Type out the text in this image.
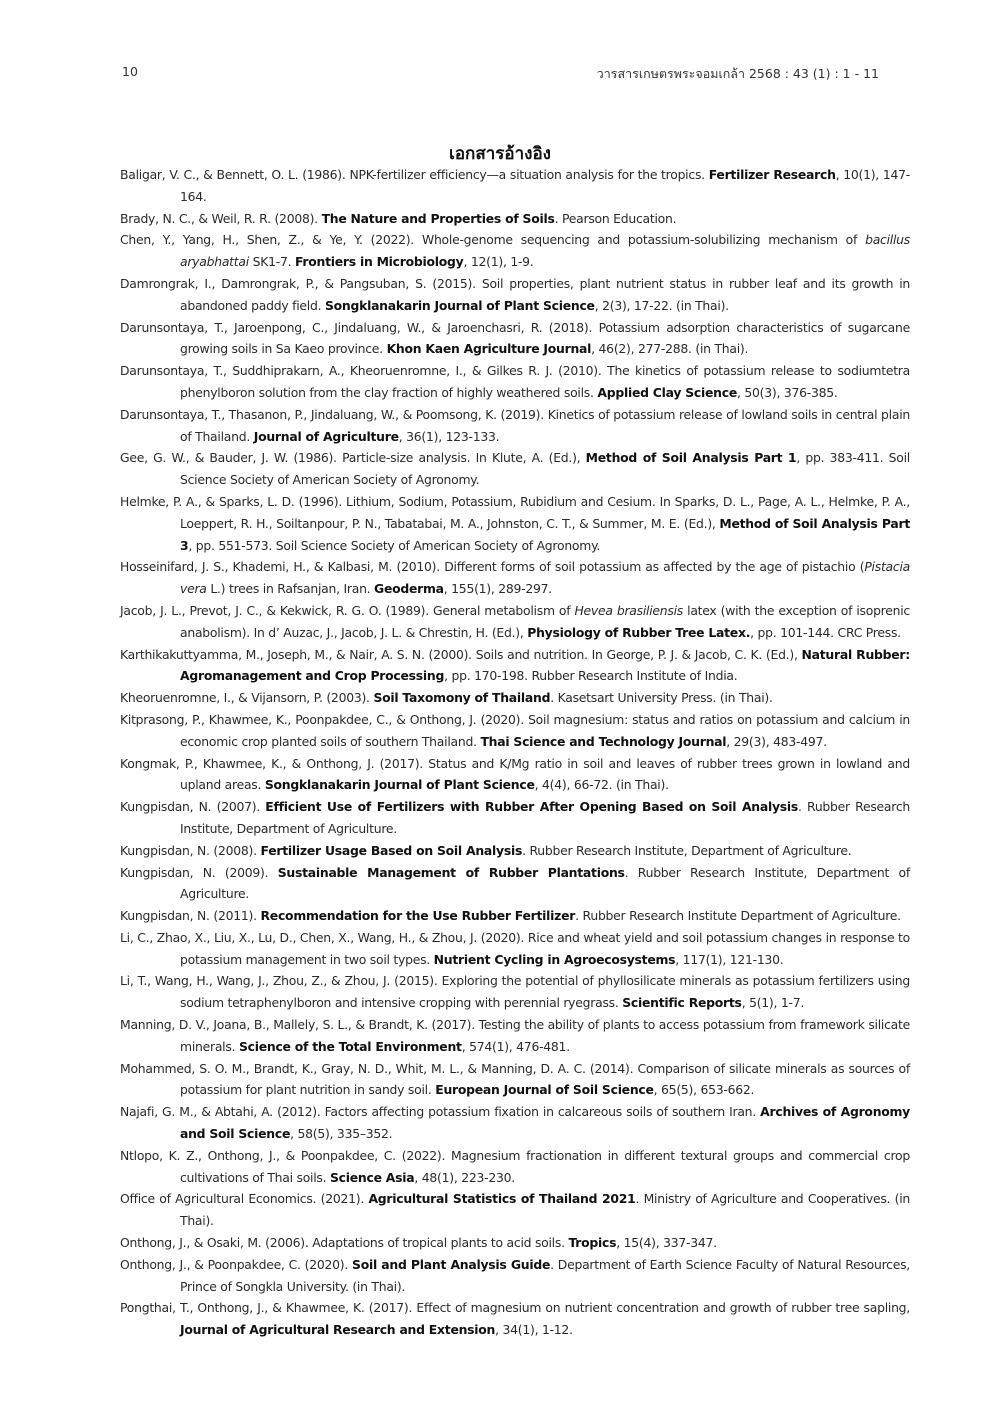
10	วารสารเกษตรพระจอมเกล้า 2568 : 43 (1) : 1 - 11
เอกสารอ้างอิง

Baligar, V. C., & Bennett, O. L. (1986). NPK-fertilizer efficiency—a situation analysis for the tropics. Fertilizer Research, 10(1), 147-164.

Brady, N. C., & Weil, R. R. (2008). The Nature and Properties of Soils. Pearson Education.

Chen, Y., Yang, H., Shen, Z., & Ye, Y. (2022). Whole-genome sequencing and potassium-solubilizing mechanism of bacillus aryabhattai SK1-7. Frontiers in Microbiology, 12(1), 1-9.

Damrongrak, I., Damrongrak, P., & Pangsuban, S. (2015). Soil properties, plant nutrient status in rubber leaf and its growth in abandoned paddy field. Songklanakarin Journal of Plant Science, 2(3), 17-22. (in Thai).

Darunsontaya, T., Jaroenpong, C., Jindaluang, W., & Jaroenchasri, R. (2018). Potassium adsorption characteristics of sugarcane growing soils in Sa Kaeo province. Khon Kaen Agriculture Journal, 46(2), 277-288. (in Thai).

Darunsontaya, T., Suddhiprakarn, A., Kheoruenromne, I., & Gilkes R. J. (2010). The kinetics of potassium release to sodiumtetra phenylboron solution from the clay fraction of highly weathered soils. Applied Clay Science, 50(3), 376-385.

Darunsontaya, T., Thasanon, P., Jindaluang, W., & Poomsong, K. (2019). Kinetics of potassium release of lowland soils in central plain of Thailand. Journal of Agriculture, 36(1), 123-133.

Gee, G. W., & Bauder, J. W. (1986). Particle-size analysis. In Klute, A. (Ed.), Method of Soil Analysis Part 1, pp. 383-411. Soil Science Society of American Society of Agronomy.

Helmke, P. A., & Sparks, L. D. (1996). Lithium, Sodium, Potassium, Rubidium and Cesium. In Sparks, D. L., Page, A. L., Helmke, P. A., Loeppert, R. H., Soiltanpour, P. N., Tabatabai, M. A., Johnston, C. T., & Summer, M. E. (Ed.), Method of Soil Analysis Part 3, pp. 551-573. Soil Science Society of American Society of Agronomy.

Hosseinifard, J. S., Khademi, H., & Kalbasi, M. (2010). Different forms of soil potassium as affected by the age of pistachio (Pistacia vera L.) trees in Rafsanjan, Iran. Geoderma, 155(1), 289-297.

Jacob, J. L., Prevot, J. C., & Kekwick, R. G. O. (1989). General metabolism of Hevea brasiliensis latex (with the exception of isoprenic anabolism). In d’ Auzac, J., Jacob, J. L. & Chrestin, H. (Ed.), Physiology of Rubber Tree Latex., pp. 101-144. CRC Press.

Karthikakuttyamma, M., Joseph, M., & Nair, A. S. N. (2000). Soils and nutrition. In George, P. J. & Jacob, C. K. (Ed.), Natural Rubber: Agromanagement and Crop Processing, pp. 170-198. Rubber Research Institute of India.

Kheoruenromne, I., & Vijansorn, P. (2003). Soil Taxomony of Thailand. Kasetsart University Press. (in Thai).

Kitprasong, P., Khawmee, K., Poonpakdee, C., & Onthong, J. (2020). Soil magnesium: status and ratios on potassium and calcium in economic crop planted soils of southern Thailand. Thai Science and Technology Journal, 29(3), 483-497.

Kongmak, P., Khawmee, K., & Onthong, J. (2017). Status and K/Mg ratio in soil and leaves of rubber trees grown in lowland and upland areas. Songklanakarin Journal of Plant Science, 4(4), 66-72. (in Thai).

Kungpisdan, N. (2007). Efficient Use of Fertilizers with Rubber After Opening Based on Soil Analysis. Rubber Research Institute, Department of Agriculture.

Kungpisdan, N. (2008). Fertilizer Usage Based on Soil Analysis. Rubber Research Institute, Department of Agriculture.

Kungpisdan, N. (2009). Sustainable Management of Rubber Plantations. Rubber Research Institute, Department of Agriculture.

Kungpisdan, N. (2011). Recommendation for the Use Rubber Fertilizer. Rubber Research Institute Department of Agriculture.

Li, C., Zhao, X., Liu, X., Lu, D., Chen, X., Wang, H., & Zhou, J. (2020). Rice and wheat yield and soil potassium changes in response to potassium management in two soil types. Nutrient Cycling in Agroecosystems, 117(1), 121-130.

Li, T., Wang, H., Wang, J., Zhou, Z., & Zhou, J. (2015). Exploring the potential of phyllosilicate minerals as potassium fertilizers using sodium tetraphenylboron and intensive cropping with perennial ryegrass. Scientific Reports, 5(1), 1-7.

Manning, D. V., Joana, B., Mallely, S. L., & Brandt, K. (2017). Testing the ability of plants to access potassium from framework silicate minerals. Science of the Total Environment, 574(1), 476-481.

Mohammed, S. O. M., Brandt, K., Gray, N. D., Whit, M. L., & Manning, D. A. C. (2014). Comparison of silicate minerals as sources of potassium for plant nutrition in sandy soil. European Journal of Soil Science, 65(5), 653-662.

Najafi, G. M., & Abtahi, A. (2012). Factors affecting potassium fixation in calcareous soils of southern Iran. Archives of Agronomy and Soil Science, 58(5), 335–352.

Ntlopo, K. Z., Onthong, J., & Poonpakdee, C. (2022). Magnesium fractionation in different textural groups and commercial crop cultivations of Thai soils. Science Asia, 48(1), 223-230.

Office of Agricultural Economics. (2021). Agricultural Statistics of Thailand 2021. Ministry of Agriculture and Cooperatives. (in Thai).

Onthong, J., & Osaki, M. (2006). Adaptations of tropical plants to acid soils. Tropics, 15(4), 337-347.

Onthong, J., & Poonpakdee, C. (2020). Soil and Plant Analysis Guide. Department of Earth Science Faculty of Natural Resources, Prince of Songkla University. (in Thai).

Pongthai, T., Onthong, J., & Khawmee, K. (2017). Effect of magnesium on nutrient concentration and growth of rubber tree sapling, Journal of Agricultural Research and Extension, 34(1), 1-12.
